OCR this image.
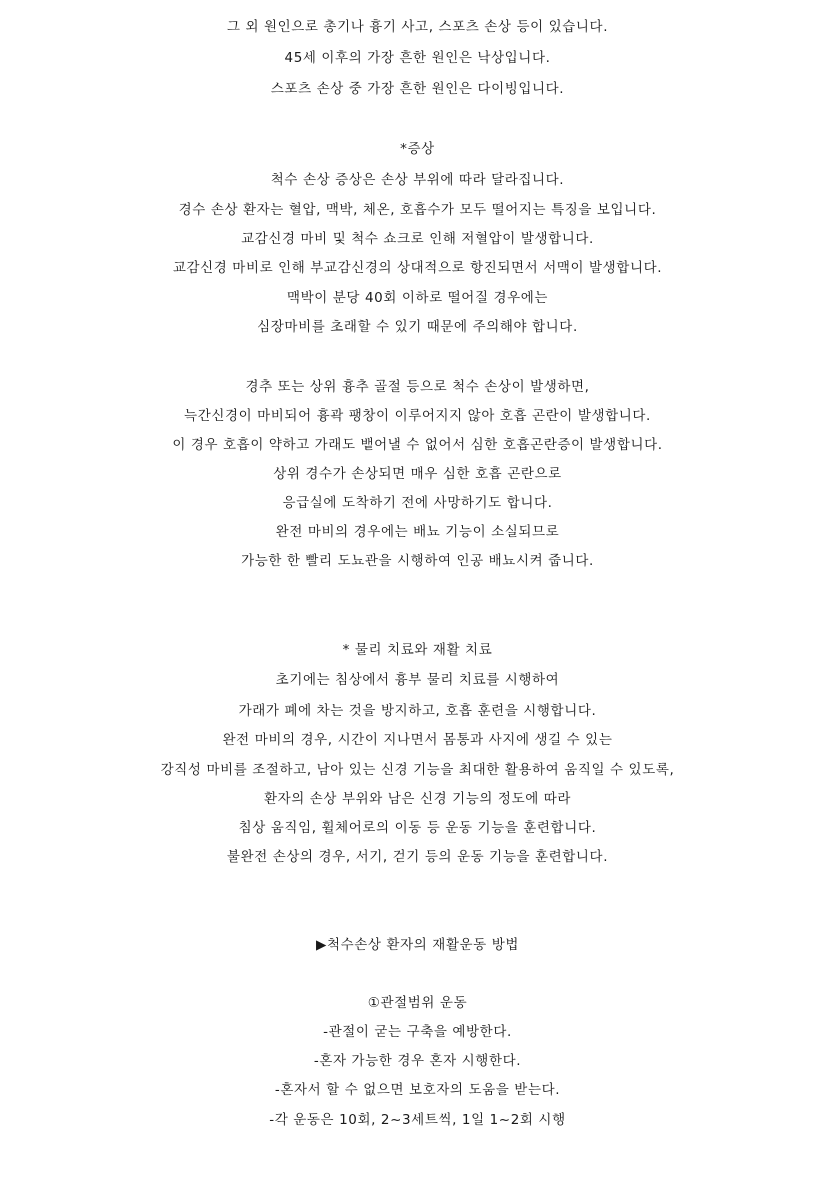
그 외 원인으로 총기나 흉기 사고, 스포츠 손상 등이 있습니다.
45세 이후의 가장 흔한 원인은 낙상입니다.
스포츠 손상 중 가장 흔한 원인은 다이빙입니다.
*증상
척수 손상 증상은 손상 부위에 따라 달라집니다.
경수 손상 환자는 혈압, 맥박, 체온, 호흡수가 모두 떨어지는 특징을 보입니다.
교감신경 마비 및 척수 쇼크로 인해 저혈압이 발생합니다.
교감신경 마비로 인해 부교감신경의 상대적으로 항진되면서 서맥이 발생합니다.
맥박이 분당 40회 이하로 떨어질 경우에는
심장마비를 초래할 수 있기 때문에 주의해야 합니다.
경추 또는 상위 흉추 골절 등으로 척수 손상이 발생하면,
늑간신경이 마비되어 흉곽 팽창이 이루어지지 않아 호흡 곤란이 발생합니다.
이 경우 호흡이 약하고 가래도 뱉어낼 수 없어서 심한 호흡곤란증이 발생합니다.
상위 경수가 손상되면 매우 심한 호흡 곤란으로
응급실에 도착하기 전에 사망하기도 합니다.
완전 마비의 경우에는 배뇨 기능이 소실되므로
가능한 한 빨리 도뇨관을 시행하여 인공 배뇨시켜 줍니다.
* 물리 치료와 재활 치료
초기에는 침상에서 흉부 물리 치료를 시행하여
가래가 폐에 차는 것을 방지하고, 호흡 훈련을 시행합니다.
완전 마비의 경우, 시간이 지나면서 몸통과 사지에 생길 수 있는
강직성 마비를 조절하고, 남아 있는 신경 기능을 최대한 활용하여 움직일 수 있도록,
환자의 손상 부위와 남은 신경 기능의 정도에 따라
침상 움직임, 휠체어로의 이동 등 운동 기능을 훈련합니다.
불완전 손상의 경우, 서기, 걷기 등의 운동 기능을 훈련합니다.
▶척수손상 환자의 재활운동 방법
①관절범위 운동
-관절이 굳는 구축을 예방한다.
-혼자 가능한 경우 혼자 시행한다.
-혼자서 할 수 없으면 보호자의 도움을 받는다.
-각 운동은 10회, 2~3세트씩, 1일 1~2회 시행
